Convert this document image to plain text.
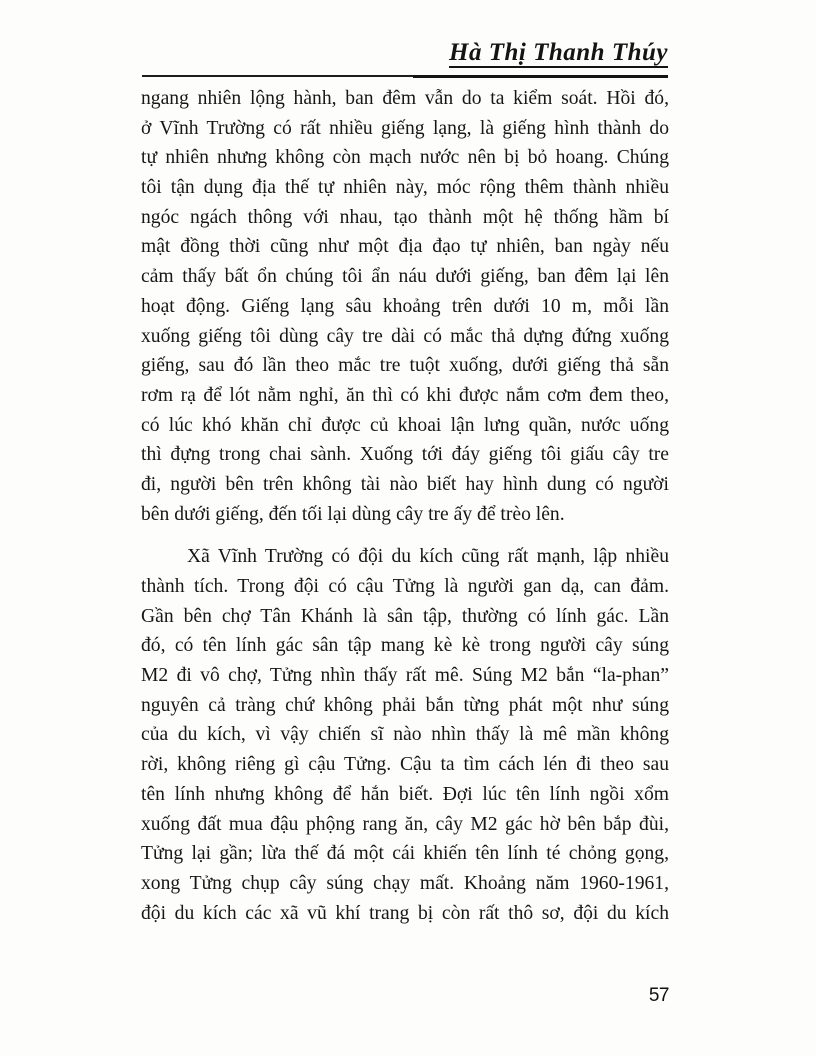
Hà Thị Thanh Thúy
ngang nhiên lộng hành, ban đêm vẫn do ta kiểm soát. Hồi đó,
ở Vĩnh Trường có rất nhiều giếng lạng, là giếng hình thành do
tự nhiên nhưng không còn mạch nước nên bị bỏ hoang. Chúng
tôi tận dụng địa thế tự nhiên này, móc rộng thêm thành nhiều
ngóc ngách thông với nhau, tạo thành một hệ thống hầm bí
mật đồng thời cũng như một địa đạo tự nhiên, ban ngày nếu
cảm thấy bất ổn chúng tôi ẩn náu dưới giếng, ban đêm lại lên
hoạt động. Giếng lạng sâu khoảng trên dưới 10 m, mỗi lần
xuống giếng tôi dùng cây tre dài có mắc thả dựng đứng xuống
giếng, sau đó lần theo mắc tre tuột xuống, dưới giếng thả sẵn
rơm rạ để lót nằm nghỉ, ăn thì có khi được nắm cơm đem theo,
có lúc khó khăn chỉ được củ khoai lận lưng quần, nước uống
thì đựng trong chai sành. Xuống tới đáy giếng tôi giấu cây tre
đi, người bên trên không tài nào biết hay hình dung có người
bên dưới giếng, đến tối lại dùng cây tre ấy để trèo lên.
Xã Vĩnh Trường có đội du kích cũng rất mạnh, lập nhiều
thành tích. Trong đội có cậu Tửng là người gan dạ, can đảm.
Gần bên chợ Tân Khánh là sân tập, thường có lính gác. Lần
đó, có tên lính gác sân tập mang kè kè trong người cây súng
M2 đi vô chợ, Tửng nhìn thấy rất mê. Súng M2 bắn “la-phan”
nguyên cả tràng chứ không phải bắn từng phát một như súng
của du kích, vì vậy chiến sĩ nào nhìn thấy là mê mần không
rời, không riêng gì cậu Tửng. Cậu ta tìm cách lén đi theo sau
tên lính nhưng không để hắn biết. Đợi lúc tên lính ngồi xổm
xuống đất mua đậu phộng rang ăn, cây M2 gác hờ bên bắp đùi,
Tửng lại gần; lừa thế đá một cái khiến tên lính té chỏng gọng,
xong Tửng chụp cây súng chạy mất. Khoảng năm 1960-1961,
đội du kích các xã vũ khí trang bị còn rất thô sơ, đội du kích
57
